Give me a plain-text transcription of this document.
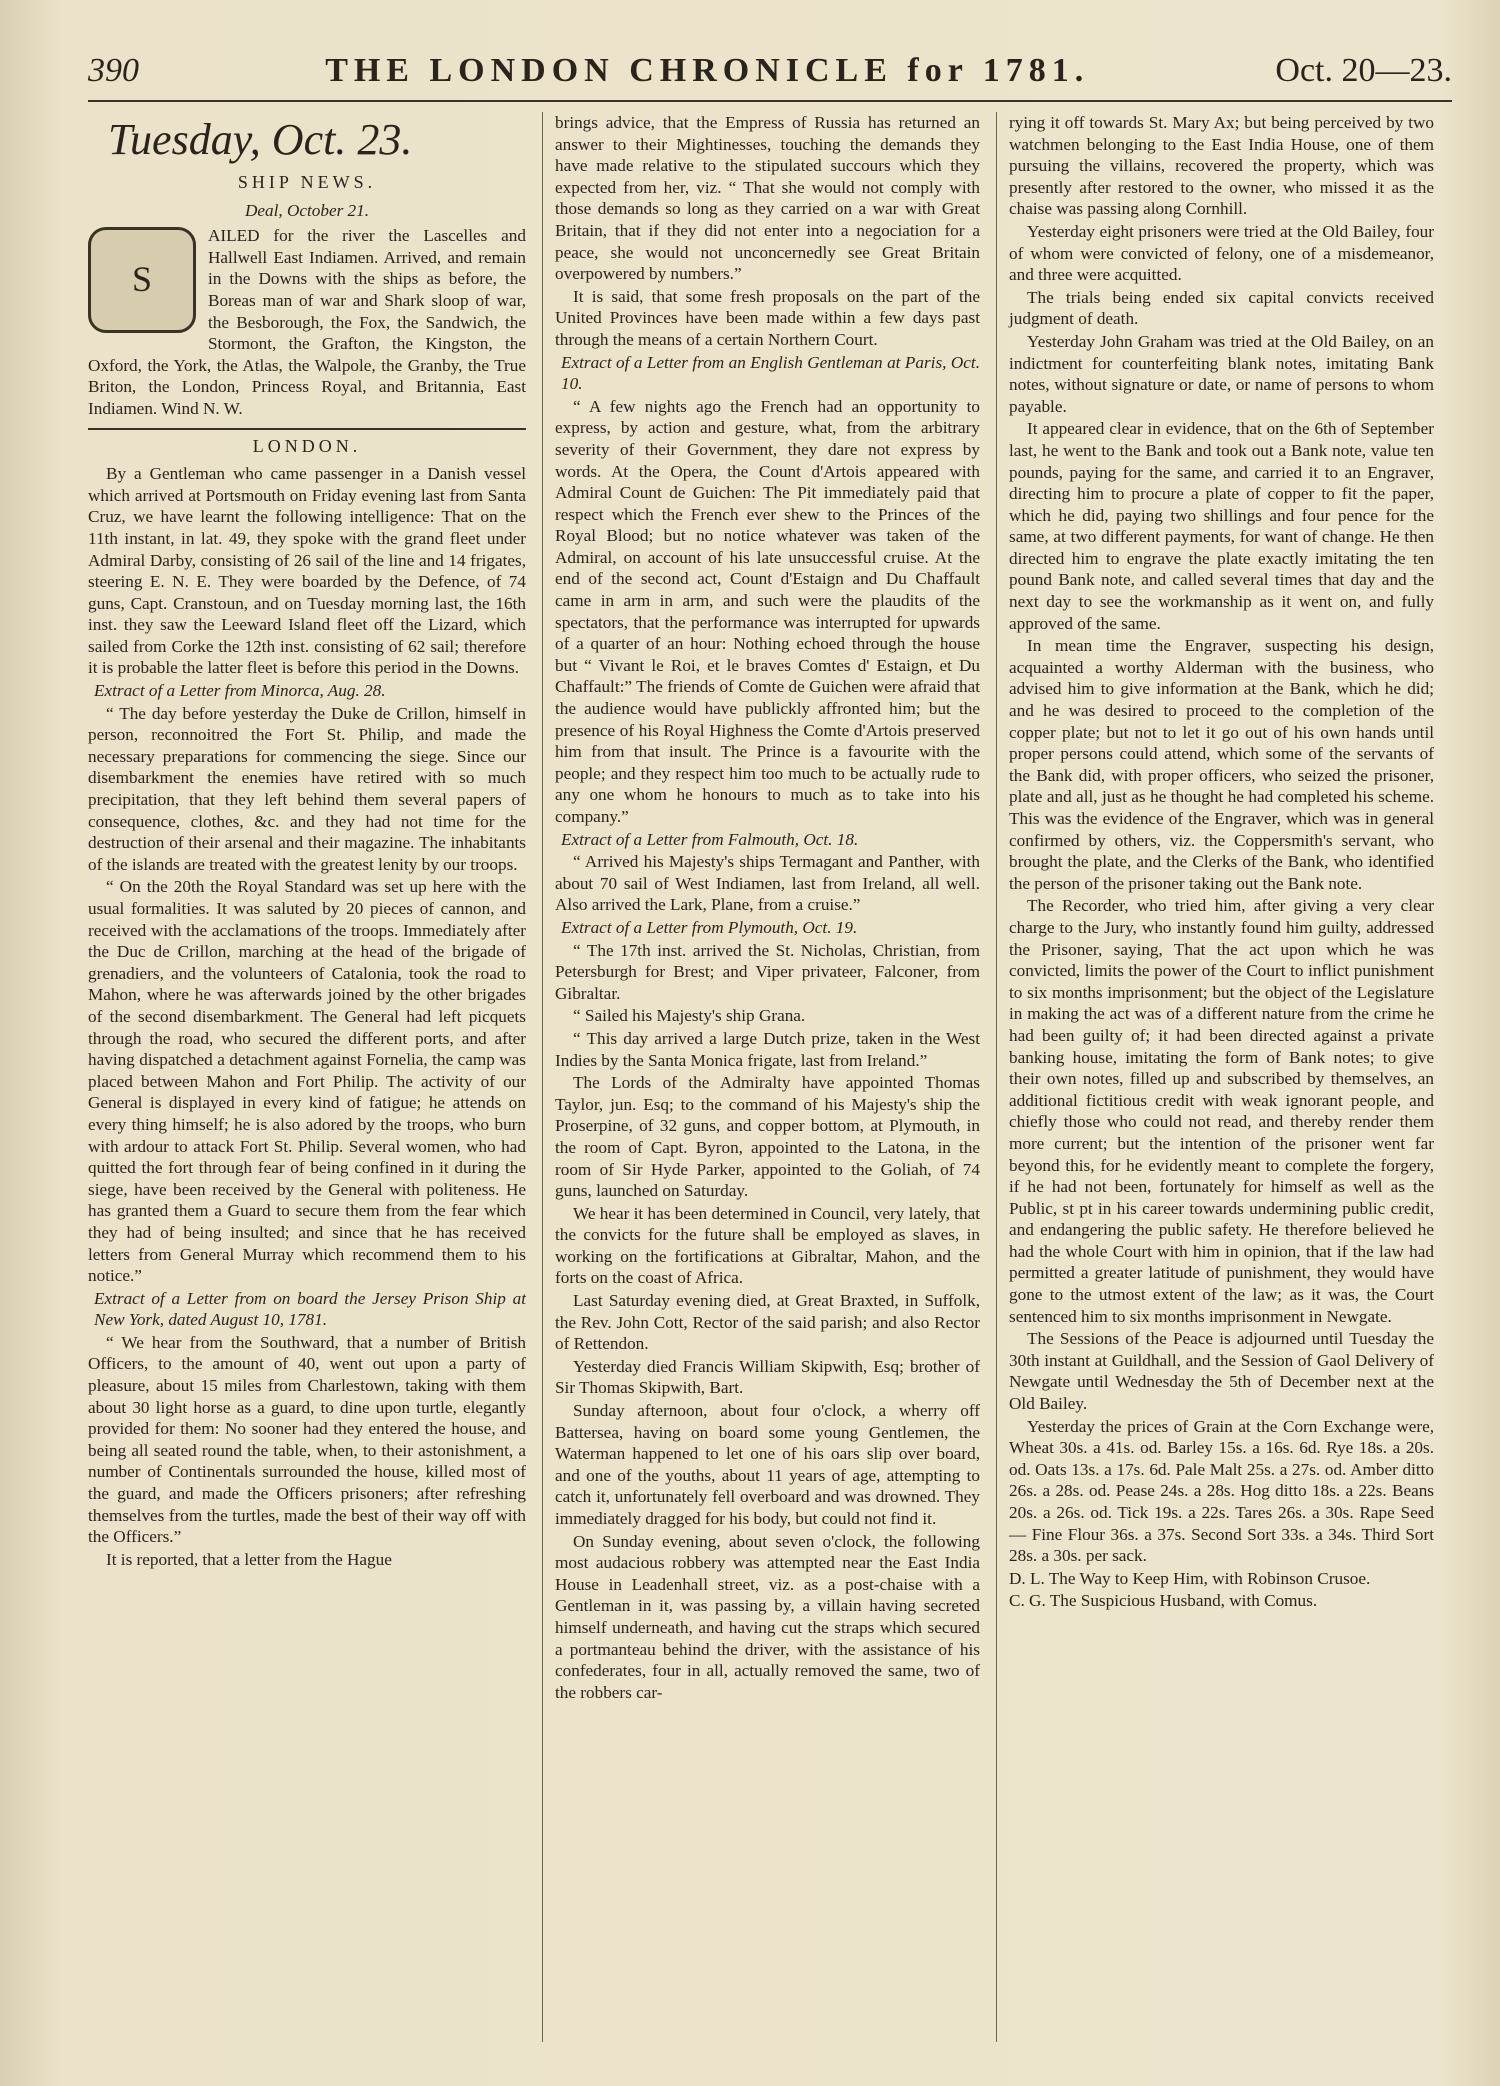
390	THE LONDON CHRONICLE for 1781.	Oct. 20—23.
Tuesday, Oct. 23.
SHIP NEWS.
Deal, October 21.
S

AILED for the river the Lascelles and Hallwell East Indiamen. Arrived, and remain in the Downs with the ships as before, the Boreas man of war and Shark sloop of war, the Besborough, the Fox, the Sandwich, the Stormont, the Grafton, the Kingston, the Oxford, the York, the Atlas, the Walpole, the Granby, the True Briton, the London, Princess Royal, and Britannia, East Indiamen. Wind N. W.

LONDON.

By a Gentleman who came passenger in a Danish vessel which arrived at Portsmouth on Friday evening last from Santa Cruz, we have learnt the following intelligence: That on the 11th instant, in lat. 49, they spoke with the grand fleet under Admiral Darby, consisting of 26 sail of the line and 14 frigates, steering E. N. E. They were boarded by the Defence, of 74 guns, Capt. Cranstoun, and on Tuesday morning last, the 16th inst. they saw the Leeward Island fleet off the Lizard, which sailed from Corke the 12th inst. consisting of 62 sail; therefore it is probable the latter fleet is before this period in the Downs.

Extract of a Letter from Minorca, Aug. 28.

“ The day before yesterday the Duke de Crillon, himself in person, reconnoitred the Fort St. Philip, and made the necessary preparations for commencing the siege. Since our disembarkment the enemies have retired with so much precipitation, that they left behind them several papers of consequence, clothes, &c. and they had not time for the destruction of their arsenal and their magazine. The inhabitants of the islands are treated with the greatest lenity by our troops.

“ On the 20th the Royal Standard was set up here with the usual formalities. It was saluted by 20 pieces of cannon, and received with the acclamations of the troops. Immediately after the Duc de Crillon, marching at the head of the brigade of grenadiers, and the volunteers of Catalonia, took the road to Mahon, where he was afterwards joined by the other brigades of the second disembarkment. The General had left picquets through the road, who secured the different ports, and after having dispatched a detachment against Fornelia, the camp was placed between Mahon and Fort Philip. The activity of our General is displayed in every kind of fatigue; he attends on every thing himself; he is also adored by the troops, who burn with ardour to attack Fort St. Philip. Several women, who had quitted the fort through fear of being confined in it during the siege, have been received by the General with politeness. He has granted them a Guard to secure them from the fear which they had of being insulted; and since that he has received letters from General Murray which recommend them to his notice.”

Extract of a Letter from on board the Jersey Prison Ship at New York, dated August 10, 1781.

“ We hear from the Southward, that a number of British Officers, to the amount of 40, went out upon a party of pleasure, about 15 miles from Charlestown, taking with them about 30 light horse as a guard, to dine upon turtle, elegantly provided for them: No sooner had they entered the house, and being all seated round the table, when, to their astonishment, a number of Continentals surrounded the house, killed most of the guard, and made the Officers prisoners; after refreshing themselves from the turtles, made the best of their way off with the Officers.”

It is reported, that a letter from the Hague

brings advice, that the Empress of Russia has returned an answer to their Mightinesses, touching the demands they have made relative to the stipulated succours which they expected from her, viz. “ That she would not comply with those demands so long as they carried on a war with Great Britain, that if they did not enter into a negociation for a peace, she would not unconcernedly see Great Britain overpowered by numbers.”

It is said, that some fresh proposals on the part of the United Provinces have been made within a few days past through the means of a certain Northern Court.

Extract of a Letter from an English Gentleman at Paris, Oct. 10.

“ A few nights ago the French had an opportunity to express, by action and gesture, what, from the arbitrary severity of their Government, they dare not express by words. At the Opera, the Count d'Artois appeared with Admiral Count de Guichen: The Pit immediately paid that respect which the French ever shew to the Princes of the Royal Blood; but no notice whatever was taken of the Admiral, on account of his late unsuccessful cruise. At the end of the second act, Count d'Estaign and Du Chaffault came in arm in arm, and such were the plaudits of the spectators, that the performance was interrupted for upwards of a quarter of an hour: Nothing echoed through the house but “ Vivant le Roi, et le braves Comtes d' Estaign, et Du Chaffault:” The friends of Comte de Guichen were afraid that the audience would have publickly affronted him; but the presence of his Royal Highness the Comte d'Artois preserved him from that insult. The Prince is a favourite with the people; and they respect him too much to be actually rude to any one whom he honours to much as to take into his company.”

Extract of a Letter from Falmouth, Oct. 18.

“ Arrived his Majesty's ships Termagant and Panther, with about 70 sail of West Indiamen, last from Ireland, all well. Also arrived the Lark, Plane, from a cruise.”

Extract of a Letter from Plymouth, Oct. 19.

“ The 17th inst. arrived the St. Nicholas, Christian, from Petersburgh for Brest; and Viper privateer, Falconer, from Gibraltar.

“ Sailed his Majesty's ship Grana.

“ This day arrived a large Dutch prize, taken in the West Indies by the Santa Monica frigate, last from Ireland.”

The Lords of the Admiralty have appointed Thomas Taylor, jun. Esq; to the command of his Majesty's ship the Proserpine, of 32 guns, and copper bottom, at Plymouth, in the room of Capt. Byron, appointed to the Latona, in the room of Sir Hyde Parker, appointed to the Goliah, of 74 guns, launched on Saturday.

We hear it has been determined in Council, very lately, that the convicts for the future shall be employed as slaves, in working on the fortifications at Gibraltar, Mahon, and the forts on the coast of Africa.

Last Saturday evening died, at Great Braxted, in Suffolk, the Rev. John Cott, Rector of the said parish; and also Rector of Rettendon.

Yesterday died Francis William Skipwith, Esq; brother of Sir Thomas Skipwith, Bart.

Sunday afternoon, about four o'clock, a wherry off Battersea, having on board some young Gentlemen, the Waterman happened to let one of his oars slip over board, and one of the youths, about 11 years of age, attempting to catch it, unfortunately fell overboard and was drowned. They immediately dragged for his body, but could not find it.

On Sunday evening, about seven o'clock, the following most audacious robbery was attempted near the East India House in Leadenhall street, viz. as a post-chaise with a Gentleman in it, was passing by, a villain having secreted himself underneath, and having cut the straps which secured a portmanteau behind the driver, with the assistance of his confederates, four in all, actually removed the same, two of the robbers car-

rying it off towards St. Mary Ax; but being perceived by two watchmen belonging to the East India House, one of them pursuing the villains, recovered the property, which was presently after restored to the owner, who missed it as the chaise was passing along Cornhill.

Yesterday eight prisoners were tried at the Old Bailey, four of whom were convicted of felony, one of a misdemeanor, and three were acquitted.

The trials being ended six capital convicts received judgment of death.

Yesterday John Graham was tried at the Old Bailey, on an indictment for counterfeiting blank notes, imitating Bank notes, without signature or date, or name of persons to whom payable.

It appeared clear in evidence, that on the 6th of September last, he went to the Bank and took out a Bank note, value ten pounds, paying for the same, and carried it to an Engraver, directing him to procure a plate of copper to fit the paper, which he did, paying two shillings and four pence for the same, at two different payments, for want of change. He then directed him to engrave the plate exactly imitating the ten pound Bank note, and called several times that day and the next day to see the workmanship as it went on, and fully approved of the same.

In mean time the Engraver, suspecting his design, acquainted a worthy Alderman with the business, who advised him to give information at the Bank, which he did; and he was desired to proceed to the completion of the copper plate; but not to let it go out of his own hands until proper persons could attend, which some of the servants of the Bank did, with proper officers, who seized the prisoner, plate and all, just as he thought he had completed his scheme. This was the evidence of the Engraver, which was in general confirmed by others, viz. the Coppersmith's servant, who brought the plate, and the Clerks of the Bank, who identified the person of the prisoner taking out the Bank note.

The Recorder, who tried him, after giving a very clear charge to the Jury, who instantly found him guilty, addressed the Prisoner, saying, That the act upon which he was convicted, limits the power of the Court to inflict punishment to six months imprisonment; but the object of the Legislature in making the act was of a different nature from the crime he had been guilty of; it had been directed against a private banking house, imitating the form of Bank notes; to give their own notes, filled up and subscribed by themselves, an additional fictitious credit with weak ignorant people, and chiefly those who could not read, and thereby render them more current; but the intention of the prisoner went far beyond this, for he evidently meant to complete the forgery, if he had not been, fortunately for himself as well as the Public, st pt in his career towards undermining public credit, and endangering the public safety. He therefore believed he had the whole Court with him in opinion, that if the law had permitted a greater latitude of punishment, they would have gone to the utmost extent of the law; as it was, the Court sentenced him to six months imprisonment in Newgate.

The Sessions of the Peace is adjourned until Tuesday the 30th instant at Guildhall, and the Session of Gaol Delivery of Newgate until Wednesday the 5th of December next at the Old Bailey.

Yesterday the prices of Grain at the Corn Exchange were, Wheat 30s. a 41s. od. Barley 15s. a 16s. 6d. Rye 18s. a 20s. od. Oats 13s. a 17s. 6d. Pale Malt 25s. a 27s. od. Amber ditto 26s. a 28s. od. Pease 24s. a 28s. Hog ditto 18s. a 22s. Beans 20s. a 26s. od. Tick 19s. a 22s. Tares 26s. a 30s. Rape Seed — Fine Flour 36s. a 37s. Second Sort 33s. a 34s. Third Sort 28s. a 30s. per sack.

D. L. The Way to Keep Him, with Robinson Crusoe.

C. G. The Suspicious Husband, with Comus.
